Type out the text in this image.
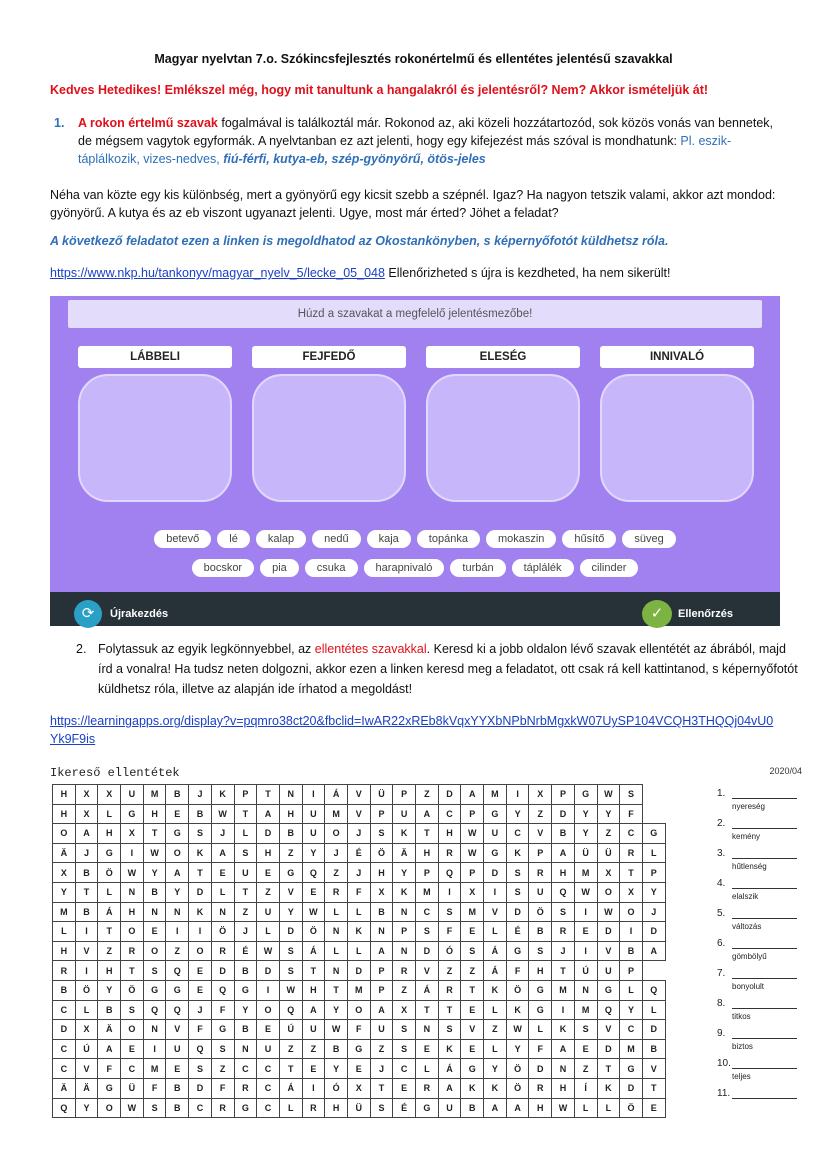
Magyar nyelvtan 7.o. Szókincsfejlesztés rokonértelmű és ellentétes jelentésű szavakkal
Kedves Hetedikes! Emlékszel még, hogy mit tanultunk a hangalakról és jelentésről? Nem? Akkor ismételjük át!
1. A rokon értelmű szavak fogalmával is találkoztál már. Rokonod az, aki közeli hozzátartozód, sok közös vonás van bennetek, de mégsem vagytok egyformák. A nyelvtanban ez azt jelenti, hogy egy kifejezést más szóval is mondhatunk: Pl. eszik-táplálkozik, vizes-nedves, fiú-férfi, kutya-eb, szép-gyönyörű, ötös-jeles
Néha van közte egy kis különbség, mert a gyönyörű egy kicsit szebb a szépnél. Igaz? Ha nagyon tetszik valami, akkor azt mondod: gyönyörű. A kutya és az eb viszont ugyanazt jelenti. Ugye, most már érted? Jöhet a feladat?
A következő feladatot ezen a linken is megoldhatod az Okostankönyben, s képernyőfotót küldhetsz róla.
https://www.nkp.hu/tankonyv/magyar_nyelv_5/lecke_05_048 Ellenőrizheted s újra is kezdheted, ha nem sikerült!
Húzd a szavakat a megfelelő jelentésmezőbe!
LÁBBELI	FEJFEDŐ	ELESÉG	INNIVALÓ
betevő	lé	kalap	nedű	kaja	topánka	mokaszin	hűsítő	süveg
bocskor	pia	csuka	harapnivaló	turbán	táplálék	cilinder
⟳	Újrakezdés	✓	Ellenőrzés
2. Folytassuk az egyik legkönnyebbel, az ellentétes szavakkal. Keresd ki a jobb oldalon lévő szavak ellentétét az ábrából, majd írd a vonalra! Ha tudsz neten dolgozni, akkor ezen a linken keresd meg a feladatot, ott csak rá kell kattintanod, s képernyőfotót küldhetsz róla, illetve az alapján ide írhatod a megoldást!
https://learningapps.org/display?v=pqmro38ct20&fbclid=IwAR22xREb8kVqxYYXbNPbNrbMgxkW07UySP104VCQH3THQQj04vU0Yk9F9is
Ikereső ellentétek	2020/04
H	X	X	U	M	B	J	K	P	T	N	I	Á	V	Ü	P	Z	D	A	M	I	X	P	G	W	S	
H	X	L	G	H	E	B	W	T	A	H	U	M	V	P	U	A	C	P	G	Y	Z	D	Y	Y	F	
O	A	H	X	T	G	S	J	L	D	B	U	O	J	S	K	T	H	W	U	C	V	B	Y	Z	C	G
Ä	J	G	I	W	O	K	A	S	H	Z	Y	J	É	Ö	Ä	H	R	W	G	K	P	A	Ü	Ü	R	L
X	B	Ö	W	Y	A	T	E	U	E	G	Q	Z	J	H	Y	P	Q	P	D	S	R	H	M	X	T	P
Y	T	L	N	B	Y	D	L	T	Z	V	E	R	F	X	K	M	I	X	I	S	U	Q	W	O	X	Y
M	B	Á	H	N	N	K	N	Z	U	Y	W	L	L	B	N	C	S	M	V	D	Ö	S	I	W	O	J
L	I	T	O	E	I	I	Ö	J	L	D	Ö	N	K	N	P	S	F	E	L	É	B	R	E	D	I	D
H	V	Z	R	O	Z	O	R	É	W	S	Á	L	L	A	N	D	Ó	S	Á	G	S	J	I	V	B	A
R	I	H	T	S	Q	E	D	B	D	S	T	N	D	P	R	V	Z	Z	Á	F	H	T	Ú	U	P	
B	Ö	Y	Ö	G	G	E	Q	G	I	W	H	T	M	P	Z	Á	R	T	K	Ö	G	M	N	G	L	Q
C	L	B	S	Q	Q	J	F	Y	O	Q	A	Y	O	A	X	T	T	E	L	K	G	I	M	Q	Y	L
D	X	Ä	O	N	V	F	G	B	E	Ú	U	W	F	U	S	N	S	V	Z	W	L	K	S	V	C	D
C	Ú	A	E	I	U	Q	S	N	U	Z	Z	B	G	Z	S	E	K	E	L	Y	F	A	E	D	M	B
C	V	F	C	M	E	S	Z	C	C	T	E	Y	E	J	C	L	Á	G	Y	Ö	D	N	Z	T	G	V
Ä	Ä	G	Ü	F	B	D	F	R	C	Á	I	Ó	X	T	E	R	A	K	K	Ö	R	H	Í	K	D	T
Q	Y	O	W	S	B	C	R	G	C	L	R	H	Ü	S	É	G	U	B	A	A	H	W	L	L	Ö	E
1.
nyereség
2.
kemény
3.
hűtlenség
4.
elalszik
5.
változás
6.
gömbölyű
7.
bonyolult
8.
titkos
9.
biztos
10.
teljes
11.
